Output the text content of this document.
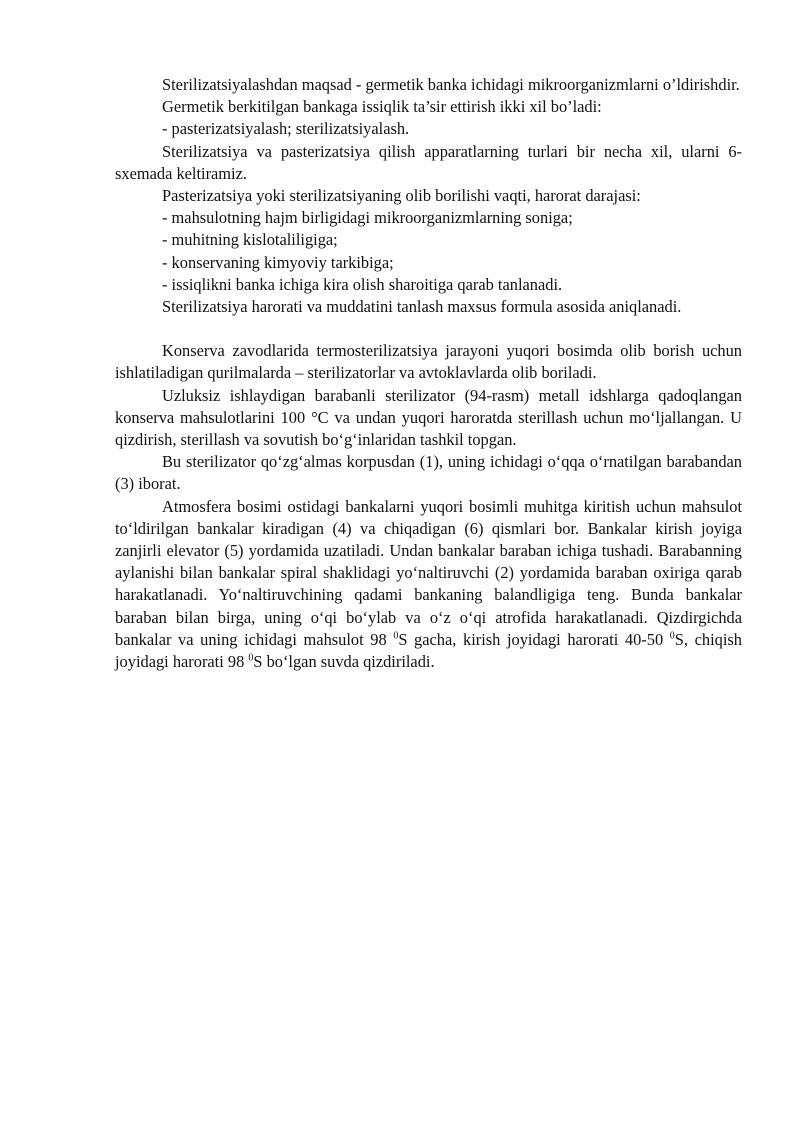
Sterilizatsiyalashdan maqsad - germetik banka ichidagi mikroorganizmlarni o’ldirishdir.

Germetik berkitilgan bankaga issiqlik ta’sir ettirish ikki xil bo’ladi:

- pasterizatsiyalash; sterilizatsiyalash.

Sterilizatsiya va pasterizatsiya qilish apparatlarning turlari bir necha xil, ularni 6-sxemada keltiramiz.

Pasterizatsiya yoki sterilizatsiyaning olib borilishi vaqti, harorat darajasi:

- mahsulotning hajm birligidagi mikroorganizmlarning soniga;

- muhitning kislotaliligiga;

- konservaning kimyoviy tarkibiga;

- issiqlikni banka ichiga kira olish sharoitiga qarab tanlanadi.

Sterilizatsiya harorati va muddatini tanlash maxsus formula asosida aniqlanadi.

Konserva zavodlarida termosterilizatsiya jarayoni yuqori bosimda olib borish uchun ishlatiladigan qurilmalarda – sterilizatorlar va avtoklavlarda olib boriladi.

Uzluksiz ishlaydigan barabanli sterilizator (94-rasm) metall idshlarga qadoqlangan konserva mahsulotlarini 100 °C va undan yuqori haroratda sterillash uchun mo‘ljallangan. U qizdirish, sterillash va sovutish bo‘g‘inlaridan tashkil topgan.

Bu sterilizator qo‘zg‘almas korpusdan (1), uning ichidagi o‘qqa o‘rnatilgan barabandan (3) iborat.

Atmosfera bosimi ostidagi bankalarni yuqori bosimli muhitga kiritish uchun mahsulot to‘ldirilgan bankalar kiradigan (4) va chiqadigan (6) qismlari bor. Bankalar kirish joyiga zanjirli elevator (5) yordamida uzatiladi. Undan bankalar baraban ichiga tushadi. Barabanning aylanishi bilan bankalar spiral shaklidagi yo‘naltiruvchi (2) yordamida baraban oxiriga qarab harakatlanadi. Yo‘naltiruvchining qadami bankaning balandligiga teng. Bunda bankalar baraban bilan birga, uning o‘qi bo‘ylab va o‘z o‘qi atrofida harakatlanadi. Qizdirgichda bankalar va uning ichidagi mahsulot 98 $^0$S gacha, kirish joyidagi harorati 40-50 $^0$S, chiqish joyidagi harorati 98 $^0$S bo‘lgan suvda qizdiriladi.
